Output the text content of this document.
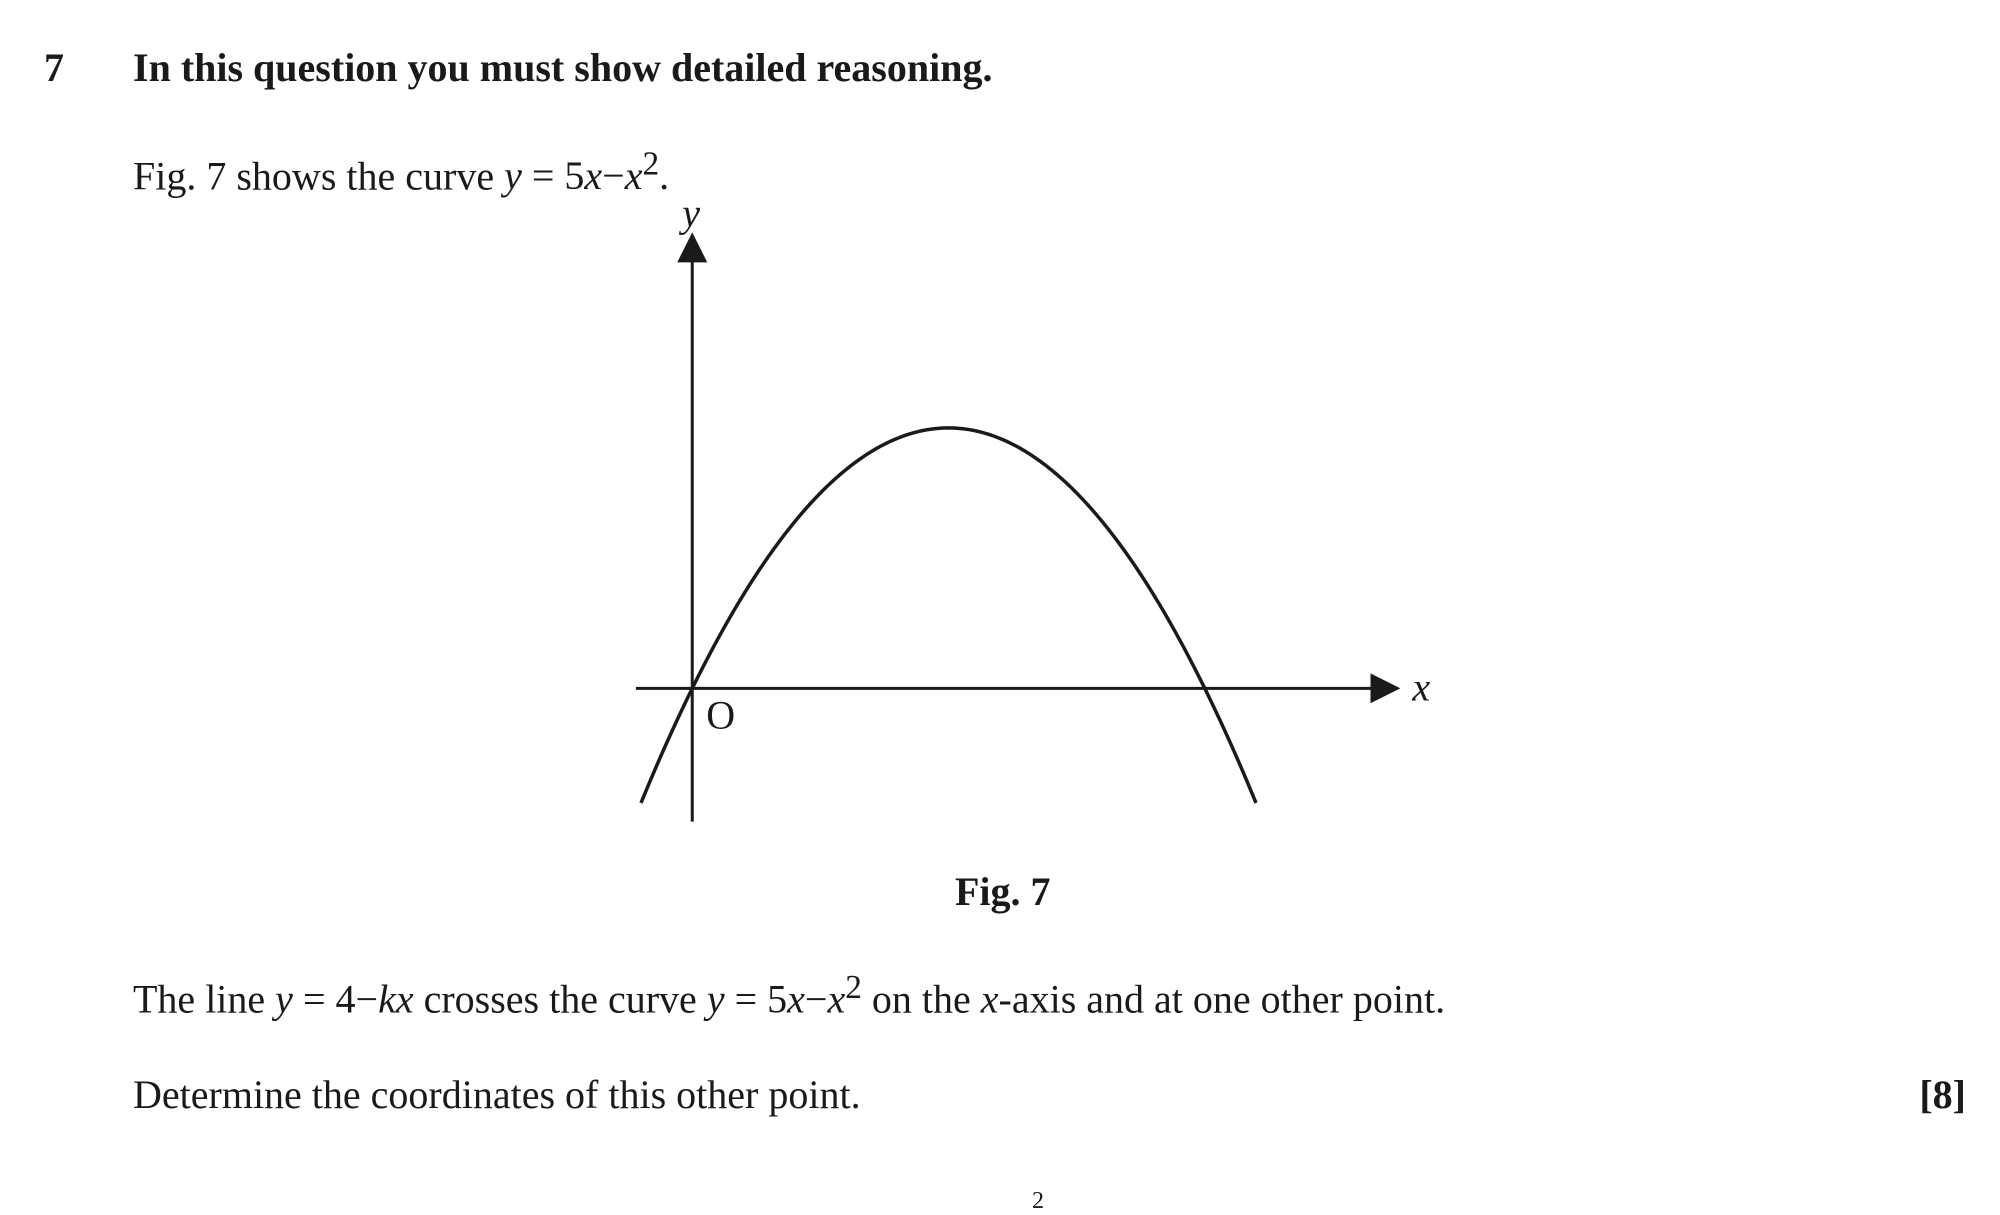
7 In this question you must show detailed reasoning.
Fig. 7 shows the curve $y = 5x-x^2$.
y
x
O
Fig. 7
The line y = 4−kx crosses the curve $y = 5x-x^2$ on the x-axis and at one other point.
Determine the coordinates of this other point.	[8]
2
